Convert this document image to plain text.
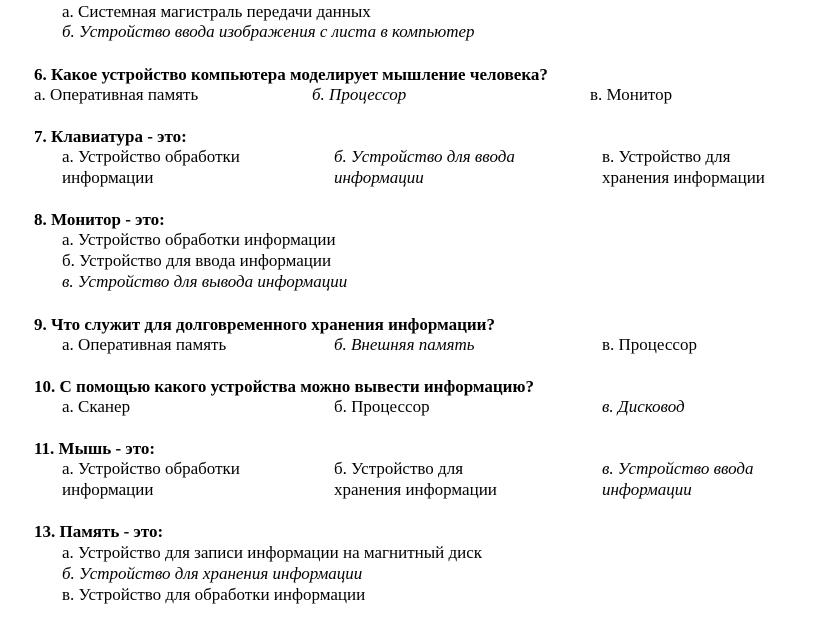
а. Системная магистраль передачи данных
б. Устройство ввода изображения с листа в компьютер
6. Какое устройство компьютера моделирует мышление человека?
а. Оперативная память	б. Процессор	в. Монитор
7. Клавиатура - это:
а. Устройство обработки
информации
б. Устройство для ввода
информации
в. Устройство для
хранения информации
8. Монитор - это:
а. Устройство обработки информации
б. Устройство для ввода информации
в. Устройство для вывода информации
9. Что служит для долговременного хранения информации?
а. Оперативная память	б. Внешняя память	в. Процессор
10. С помощью какого устройства можно вывести информацию?
а. Сканер	б. Процессор	в. Дисковод
11. Мышь - это:
а. Устройство обработки
информации
б. Устройство для
хранения информации
в. Устройство ввода
информации
13. Память - это:
а. Устройство для записи информации на магнитный диск
б. Устройство для хранения информации
в. Устройство для обработки информации
